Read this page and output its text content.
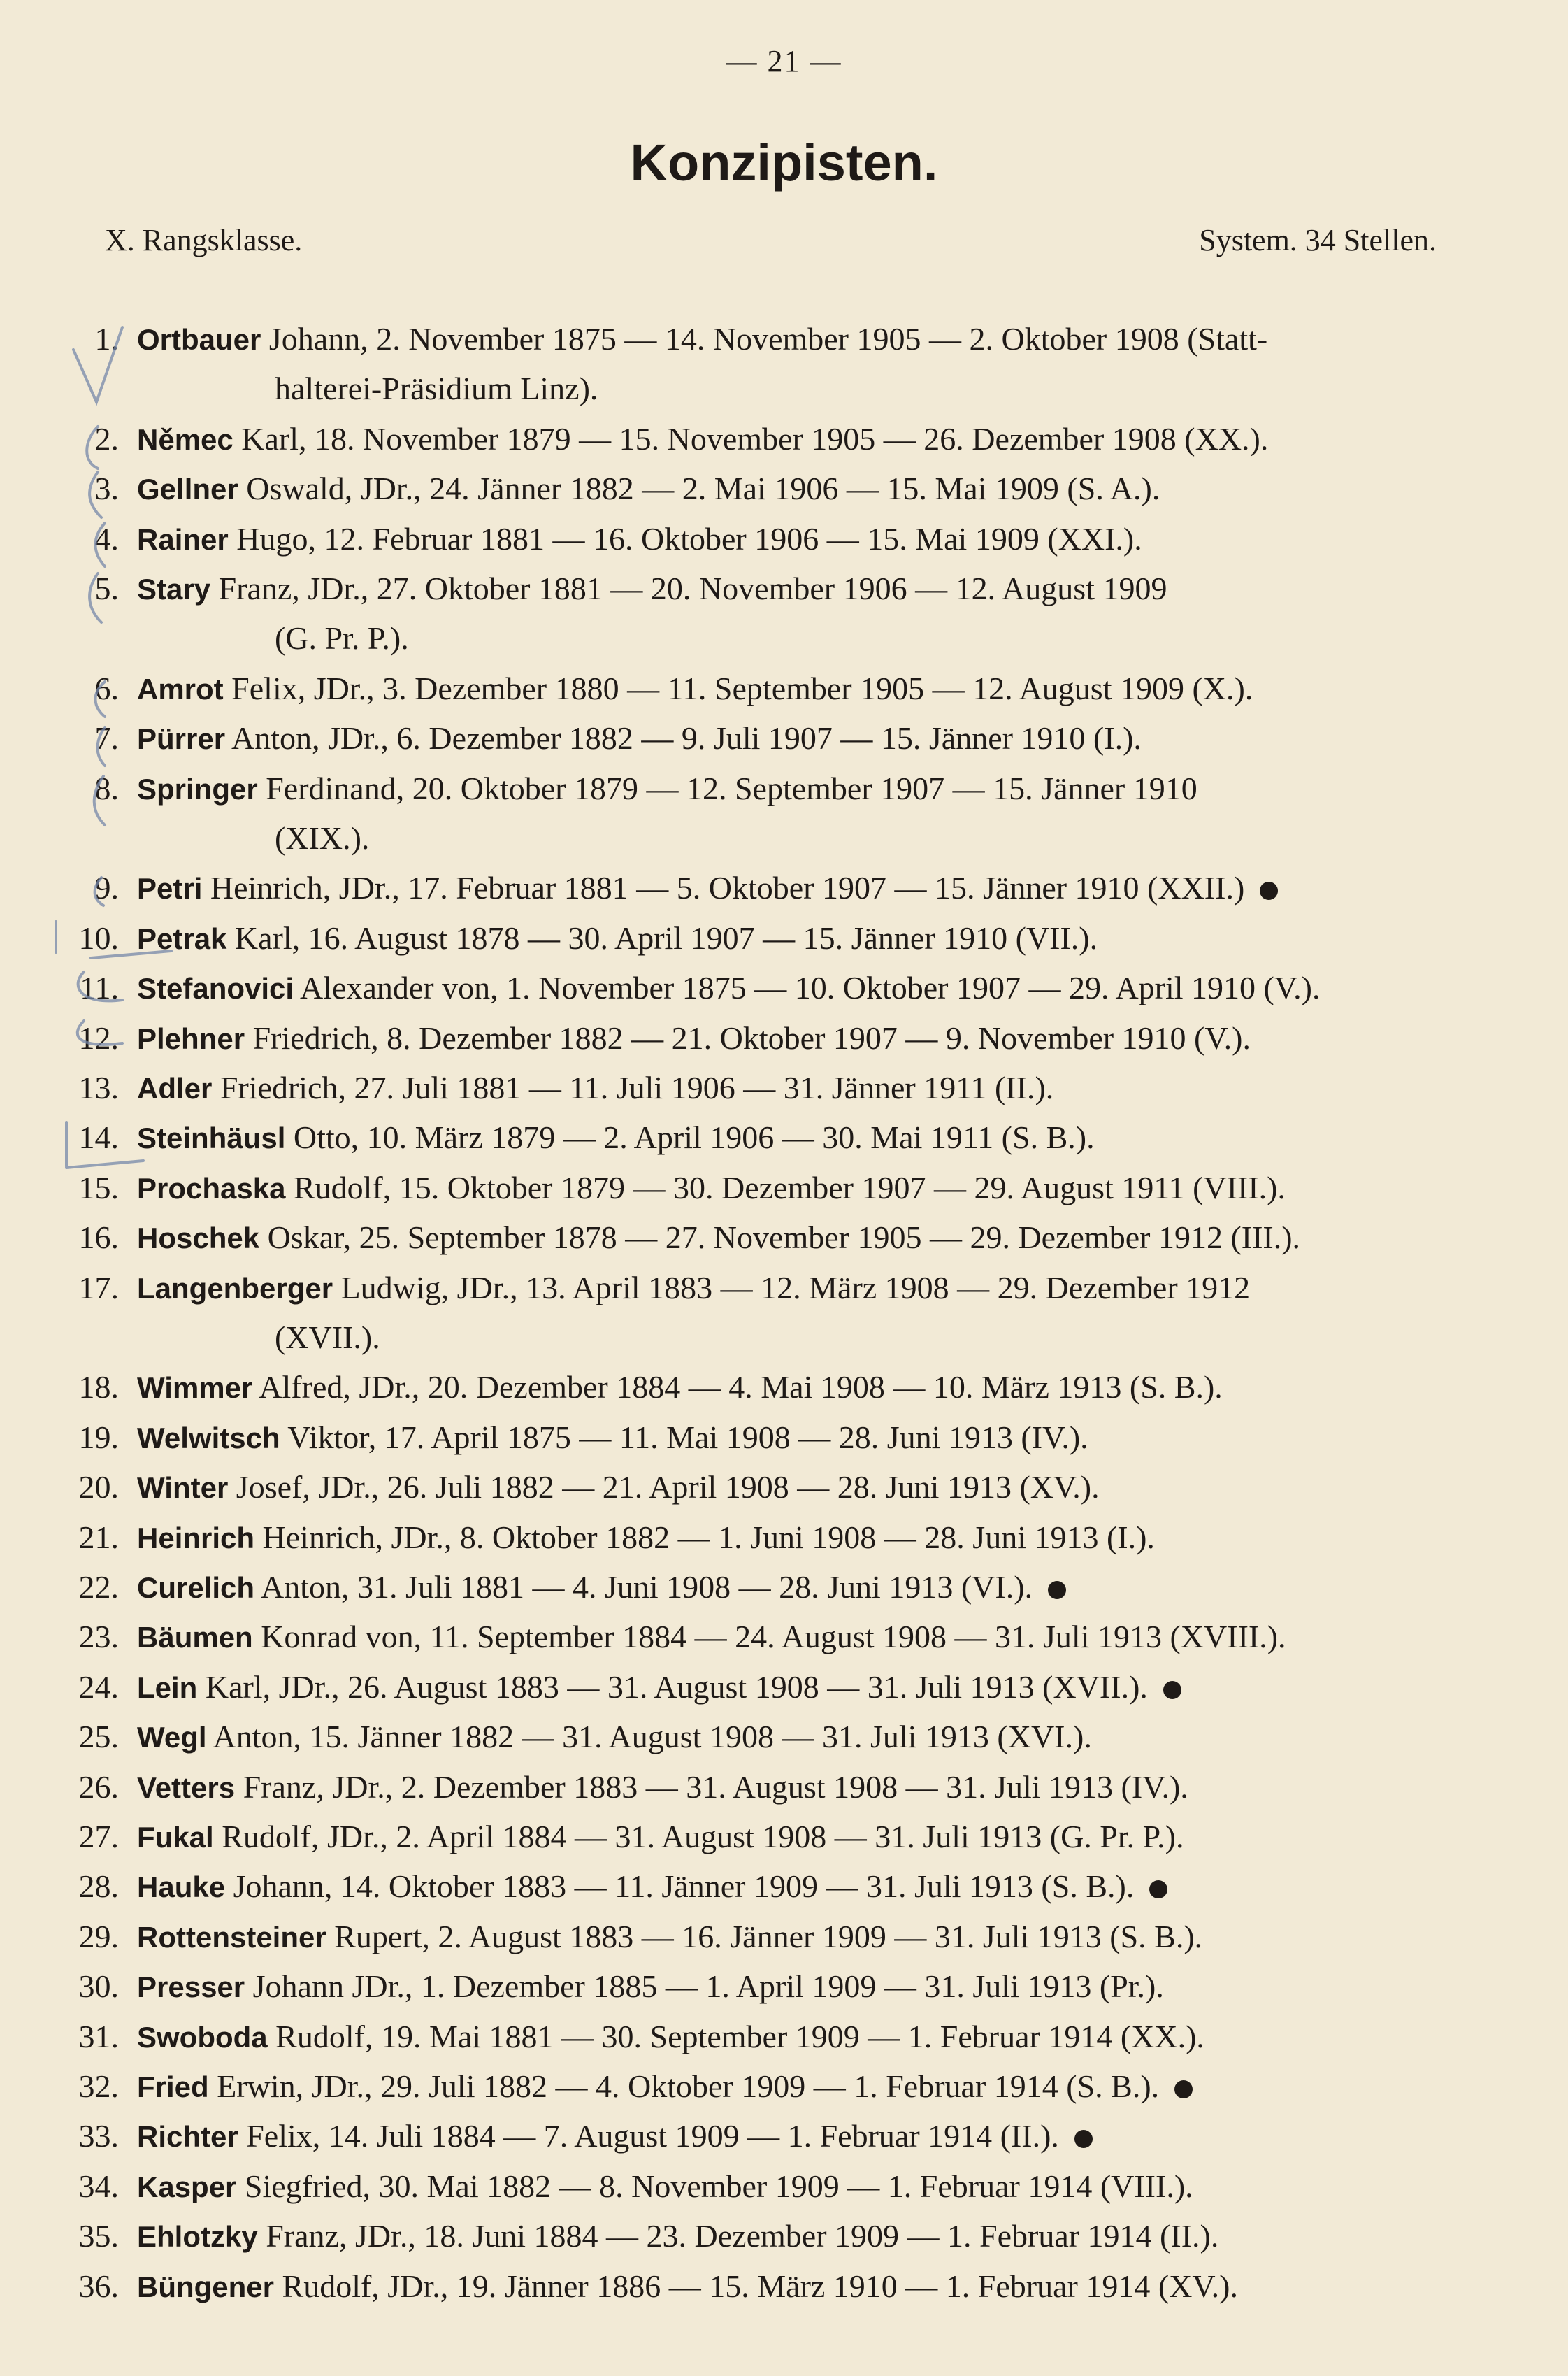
— 21 —
Konzipisten.
X. Rangsklasse.	System. 34 Stellen.
1. Ortbauer Johann, 2. November 1875 — 14. November 1905 — 2. Oktober 1908 (Statt-
halterei-Präsidium Linz).
2. Němec Karl, 18. November 1879 — 15. November 1905 — 26. Dezember 1908 (XX.).
3. Gellner Oswald, JDr., 24. Jänner 1882 — 2. Mai 1906 — 15. Mai 1909 (S. A.).
4. Rainer Hugo, 12. Februar 1881 — 16. Oktober 1906 — 15. Mai 1909 (XXI.).
5. Stary Franz, JDr., 27. Oktober 1881 — 20. November 1906 — 12. August 1909
(G. Pr. P.).
6. Amrot Felix, JDr., 3. Dezember 1880 — 11. September 1905 — 12. August 1909 (X.).
7. Pürrer Anton, JDr., 6. Dezember 1882 — 9. Juli 1907 — 15. Jänner 1910 (I.).
8. Springer Ferdinand, 20. Oktober 1879 — 12. September 1907 — 15. Jänner 1910
(XIX.).
9. Petri Heinrich, JDr., 17. Februar 1881 — 5. Oktober 1907 — 15. Jänner 1910 (XXII.)
10. Petrak Karl, 16. August 1878 — 30. April 1907 — 15. Jänner 1910 (VII.).
11. Stefanovici Alexander von, 1. November 1875 — 10. Oktober 1907 — 29. April 1910 (V.).
12. Plehner Friedrich, 8. Dezember 1882 — 21. Oktober 1907 — 9. November 1910 (V.).
13. Adler Friedrich, 27. Juli 1881 — 11. Juli 1906 — 31. Jänner 1911 (II.).
14. Steinhäusl Otto, 10. März 1879 — 2. April 1906 — 30. Mai 1911 (S. B.).
15. Prochaska Rudolf, 15. Oktober 1879 — 30. Dezember 1907 — 29. August 1911 (VIII.).
16. Hoschek Oskar, 25. September 1878 — 27. November 1905 — 29. Dezember 1912 (III.).
17. Langenberger Ludwig, JDr., 13. April 1883 — 12. März 1908 — 29. Dezember 1912
(XVII.).
18. Wimmer Alfred, JDr., 20. Dezember 1884 — 4. Mai 1908 — 10. März 1913 (S. B.).
19. Welwitsch Viktor, 17. April 1875 — 11. Mai 1908 — 28. Juni 1913 (IV.).
20. Winter Josef, JDr., 26. Juli 1882 — 21. April 1908 — 28. Juni 1913 (XV.).
21. Heinrich Heinrich, JDr., 8. Oktober 1882 — 1. Juni 1908 — 28. Juni 1913 (I.).
22. Curelich Anton, 31. Juli 1881 — 4. Juni 1908 — 28. Juni 1913 (VI.).
23. Bäumen Konrad von, 11. September 1884 — 24. August 1908 — 31. Juli 1913 (XVIII.).
24. Lein Karl, JDr., 26. August 1883 — 31. August 1908 — 31. Juli 1913 (XVII.).
25. Wegl Anton, 15. Jänner 1882 — 31. August 1908 — 31. Juli 1913 (XVI.).
26. Vetters Franz, JDr., 2. Dezember 1883 — 31. August 1908 — 31. Juli 1913 (IV.).
27. Fukal Rudolf, JDr., 2. April 1884 — 31. August 1908 — 31. Juli 1913 (G. Pr. P.).
28. Hauke Johann, 14. Oktober 1883 — 11. Jänner 1909 — 31. Juli 1913 (S. B.).
29. Rottensteiner Rupert, 2. August 1883 — 16. Jänner 1909 — 31. Juli 1913 (S. B.).
30. Presser Johann JDr., 1. Dezember 1885 — 1. April 1909 — 31. Juli 1913 (Pr.).
31. Swoboda Rudolf, 19. Mai 1881 — 30. September 1909 — 1. Februar 1914 (XX.).
32. Fried Erwin, JDr., 29. Juli 1882 — 4. Oktober 1909 — 1. Februar 1914 (S. B.).
33. Richter Felix, 14. Juli 1884 — 7. August 1909 — 1. Februar 1914 (II.).
34. Kasper Siegfried, 30. Mai 1882 — 8. November 1909 — 1. Februar 1914 (VIII.).
35. Ehlotzky Franz, JDr., 18. Juni 1884 — 23. Dezember 1909 — 1. Februar 1914 (II.).
36. Büngener Rudolf, JDr., 19. Jänner 1886 — 15. März 1910 — 1. Februar 1914 (XV.).
